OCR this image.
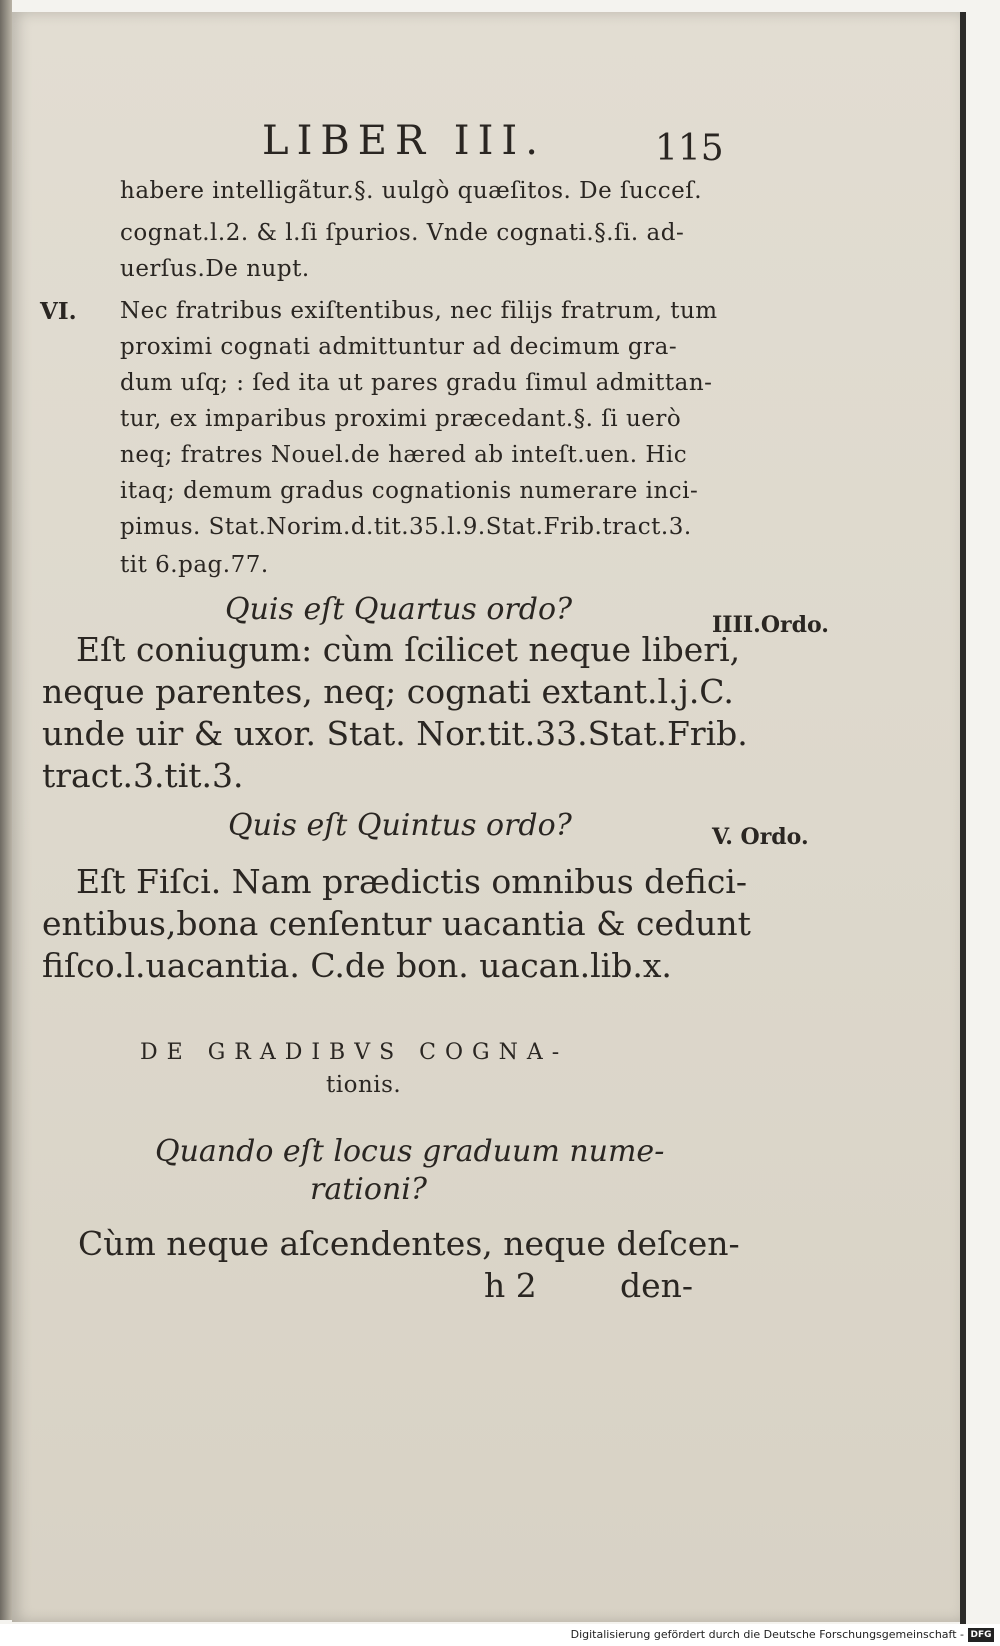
LIBER III.	115
habere intelligãtur.§. uulgò quæſitos. De ſucceſ.
cognat.l.2. & l.ſi ſpurios. Vnde cognati.§.ſi. ad-
uerſus.De nupt.
VI. Nec fratribus exiſtentibus, nec filijs fratrum, tum
proximi cognati admittuntur ad decimum gra-
dum uſq; : ſed ita ut pares gradu ſimul admittan-
tur, ex imparibus proximi præcedant.§. ſi uerò
neq; fratres Nouel.de hæred ab inteſt.uen. Hic
itaq; demum gradus cognationis numerare inci-
pimus. Stat.Norim.d.tit.35.l.9.Stat.Frib.tract.3.
tit 6.pag.77.
Quis eſt Quartus ordo?	IIII.Ordo.
Eſt coniugum: cùm ſcilicet neque liberi,
neque parentes, neq; cognati extant.l.j.C.
unde uir & uxor. Stat. Nor.tit.33.Stat.Frib.
tract.3.tit.3.
Quis eſt Quintus ordo?	V. Ordo.
Eſt Fiſci. Nam prædictis omnibus defici-
entibus,bona cenſentur uacantia & cedunt
fiſco.l.uacantia. C.de bon. uacan.lib.x.
DE GRADIBVS COGNA-
tionis.
Quando eſt locus graduum nume-
rationi?
Cùm neque aſcendentes, neque deſcen-
h 2	den-
Digitalisierung gefördert durch die Deutsche Forschungsgemeinschaft - DFG
